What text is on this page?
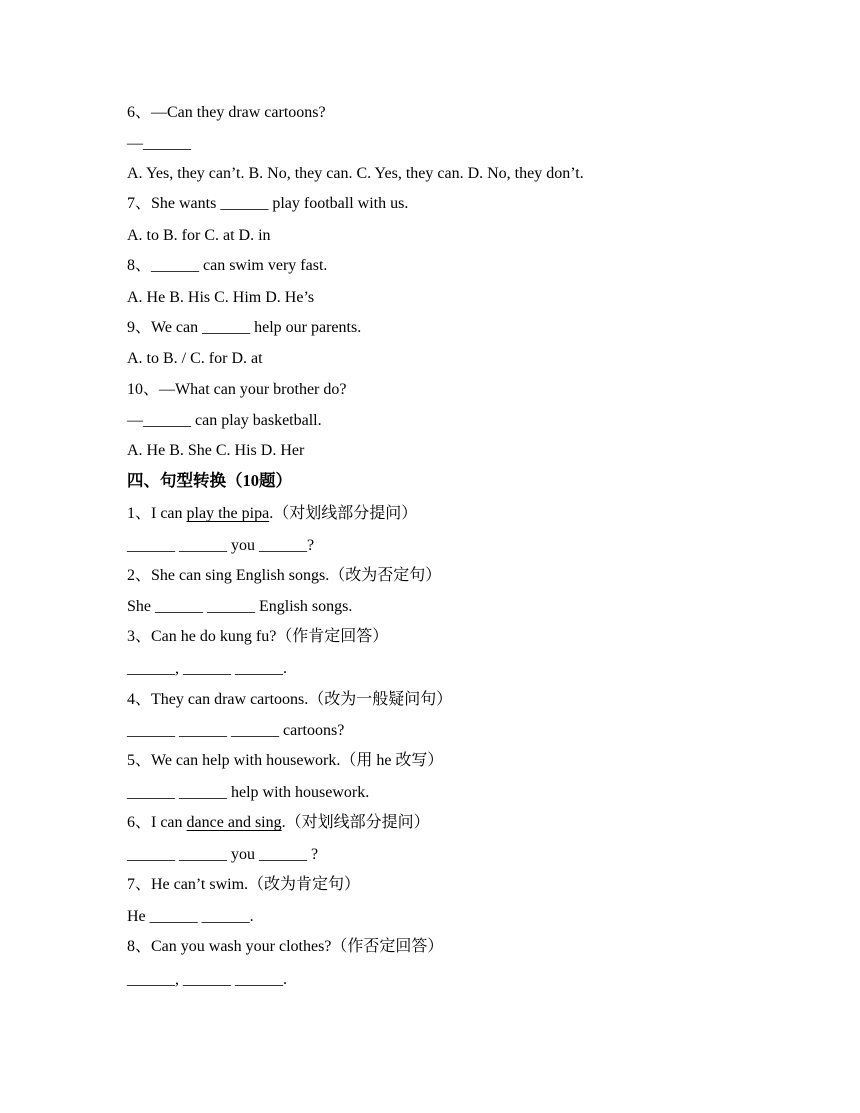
6、—Can they draw cartoons?
—______
A. Yes, they can’t. B. No, they can. C. Yes, they can. D. No, they don’t.
7、She wants ______ play football with us.
A. to B. for C. at D. in
8、______ can swim very fast.
A. He B. His C. Him D. He’s
9、We can ______ help our parents.
A. to B. / C. for D. at
10、—What can your brother do?
—______ can play basketball.
A. He B. She C. His D. Her
四、句型转换（10题）
1、I can play the pipa.（对划线部分提问）
______ ______ you ______?
2、She can sing English songs.（改为否定句）
She ______ ______ English songs.
3、Can he do kung fu?（作肯定回答）
______, ______ ______.
4、They can draw cartoons.（改为一般疑问句）
______ ______ ______ cartoons?
5、We can help with housework.（用 he 改写）
______ ______ help with housework.
6、I can dance and sing.（对划线部分提问）
______ ______ you ______ ?
7、He can’t swim.（改为肯定句）
He ______ ______.
8、Can you wash your clothes?（作否定回答）
______, ______ ______.
